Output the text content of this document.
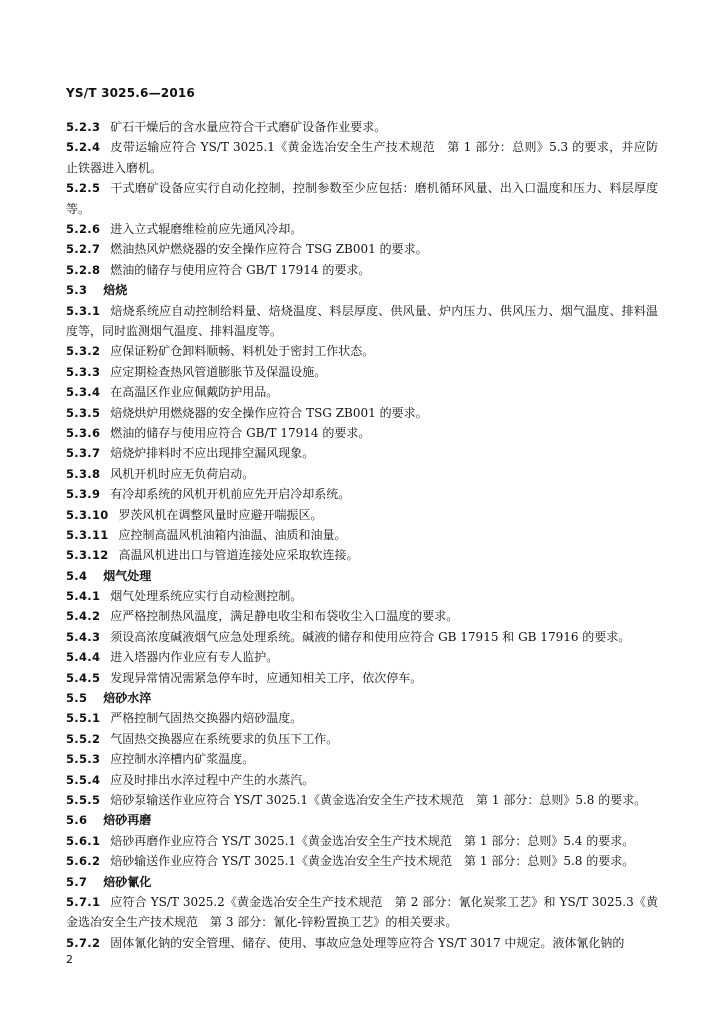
YS/T 3025.6—2016
5.2.3 矿石干燥后的含水量应符合干式磨矿设备作业要求。

5.2.4 皮带运输应符合 YS/T 3025.1《黄金选冶安全生产技术规范　第 1 部分：总则》5.3 的要求，并应防止铁器进入磨机。

5.2.5 干式磨矿设备应实行自动化控制，控制参数至少应包括：磨机循环风量、出入口温度和压力、料层厚度等。

5.2.6 进入立式辊磨维检前应先通风冷却。
5.2.7 燃油热风炉燃烧器的安全操作应符合 TSG ZB001 的要求。
5.2.8 燃油的储存与使用应符合 GB/T 17914 的要求。
5.3 焙烧

5.3.1 焙烧系统应自动控制给料量、焙烧温度、料层厚度、供风量、炉内压力、供风压力、烟气温度、排料温度等，同时监测烟气温度、排料温度等。

5.3.2 应保证粉矿仓卸料顺畅、料机处于密封工作状态。
5.3.3 应定期检查热风管道膨胀节及保温设施。
5.3.4 在高温区作业应佩戴防护用品。
5.3.5 焙烧烘炉用燃烧器的安全操作应符合 TSG ZB001 的要求。
5.3.6 燃油的储存与使用应符合 GB/T 17914 的要求。
5.3.7 焙烧炉排料时不应出现排空漏风现象。
5.3.8 风机开机时应无负荷启动。
5.3.9 有冷却系统的风机开机前应先开启冷却系统。
5.3.10 罗茨风机在调整风量时应避开喘振区。
5.3.11 应控制高温风机油箱内油温、油质和油量。
5.3.12 高温风机进出口与管道连接处应采取软连接。
5.4 烟气处理
5.4.1 烟气处理系统应实行自动检测控制。
5.4.2 应严格控制热风温度，满足静电收尘和布袋收尘入口温度的要求。
5.4.3 须设高浓度碱液烟气应急处理系统。碱液的储存和使用应符合 GB 17915 和 GB 17916 的要求。
5.4.4 进入塔器内作业应有专人监护。
5.4.5 发现异常情况需紧急停车时，应通知相关工序，依次停车。
5.5 焙砂水淬
5.5.1 严格控制气固热交换器内焙砂温度。
5.5.2 气固热交换器应在系统要求的负压下工作。
5.5.3 应控制水淬槽内矿浆温度。
5.5.4 应及时排出水淬过程中产生的水蒸汽。

5.5.5 焙砂泵输送作业应符合 YS/T 3025.1《黄金选冶安全生产技术规范　第 1 部分：总则》5.8 的要求。

5.6 焙砂再磨
5.6.1 焙砂再磨作业应符合 YS/T 3025.1《黄金选冶安全生产技术规范　第 1 部分：总则》5.4 的要求。
5.6.2 焙砂输送作业应符合 YS/T 3025.1《黄金选冶安全生产技术规范　第 1 部分：总则》5.8 的要求。
5.7 焙砂氰化

5.7.1 应符合 YS/T 3025.2《黄金选冶安全生产技术规范　第 2 部分：氰化炭浆工艺》和 YS/T 3025.3《黄金选冶安全生产技术规范　第 3 部分：氰化-锌粉置换工艺》的相关要求。

5.7.2 固体氰化钠的安全管理、储存、使用、事故应急处理等应符合 YS/T 3017 中规定。液体氰化钠的
2
